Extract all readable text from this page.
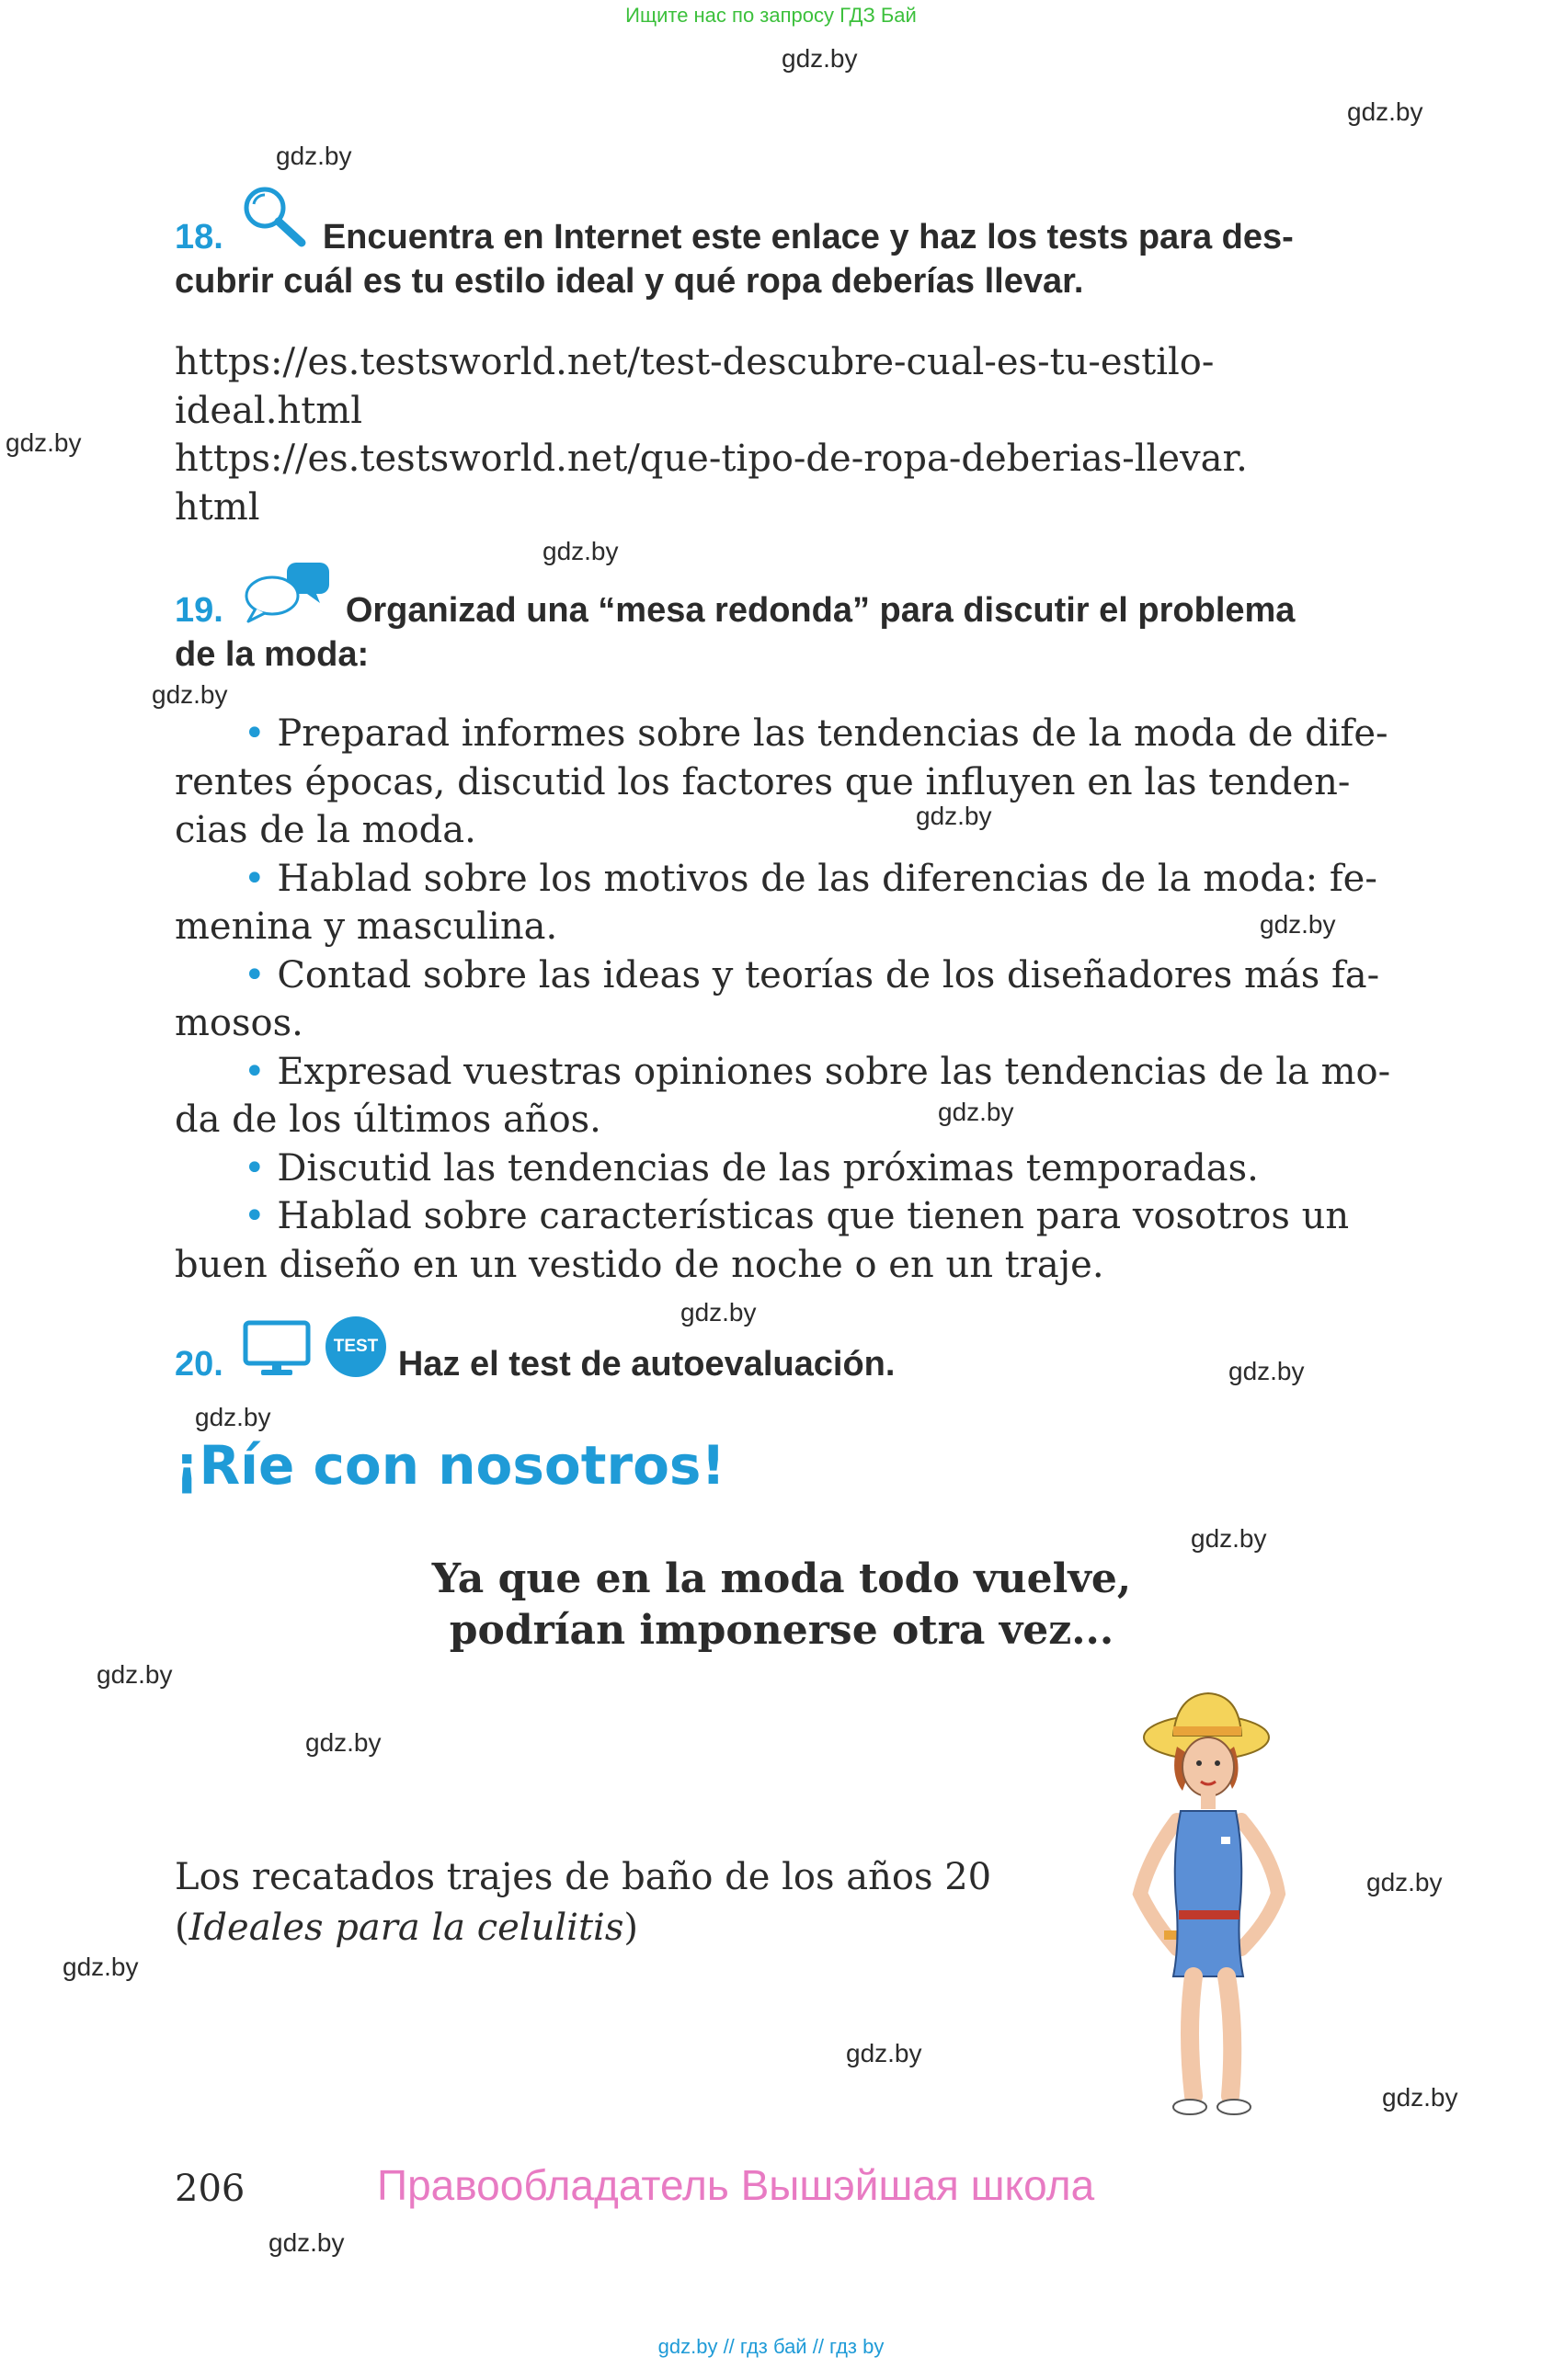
Ищите нас по запросу ГДЗ Бай
gdz.by
gdz.by
gdz.by
gdz.by
gdz.by
gdz.by
gdz.by
gdz.by
gdz.by
gdz.by
gdz.by
gdz.by
gdz.by
gdz.by
gdz.by
gdz.by
gdz.by
gdz.by
gdz.by
gdz.by
18.	Encuentra en Internet este enlace y haz los tests para des-
cubrir cuál es tu estilo ideal y qué ropa deberías llevar.
https://es.testsworld.net/test-descubre-cual-es-tu-estilo-
ideal.html
https://es.testsworld.net/que-tipo-de-ropa-deberias-llevar.
html
19.	Organizad una “mesa redonda” para discutir el problema
de la moda:
• Preparad informes sobre las tendencias de la moda de dife-
rentes épocas, discutid los factores que influyen en las tenden-
cias de la moda.
• Hablad sobre los motivos de las diferencias de la moda: fe-
menina y masculina.
• Contad sobre las ideas y teorías de los diseñadores más fa-
mosos.
• Expresad vuestras opiniones sobre las tendencias de la mo-
da de los últimos años.
• Discutid las tendencias de las próximas temporadas.
• Hablad sobre características que tienen para vosotros un
buen diseño en un vestido de noche o en un traje.
TEST
20.	Haz el test de autoevaluación.
¡Ríe con nosotros!
Ya que en la moda todo vuelve,
podrían imponerse otra vez...
Los recatados trajes de baño de los años 20
(Ideales para la celulitis)
206	Правообладатель Вышэйшая школа
gdz.by // гдз бай // гдз by
